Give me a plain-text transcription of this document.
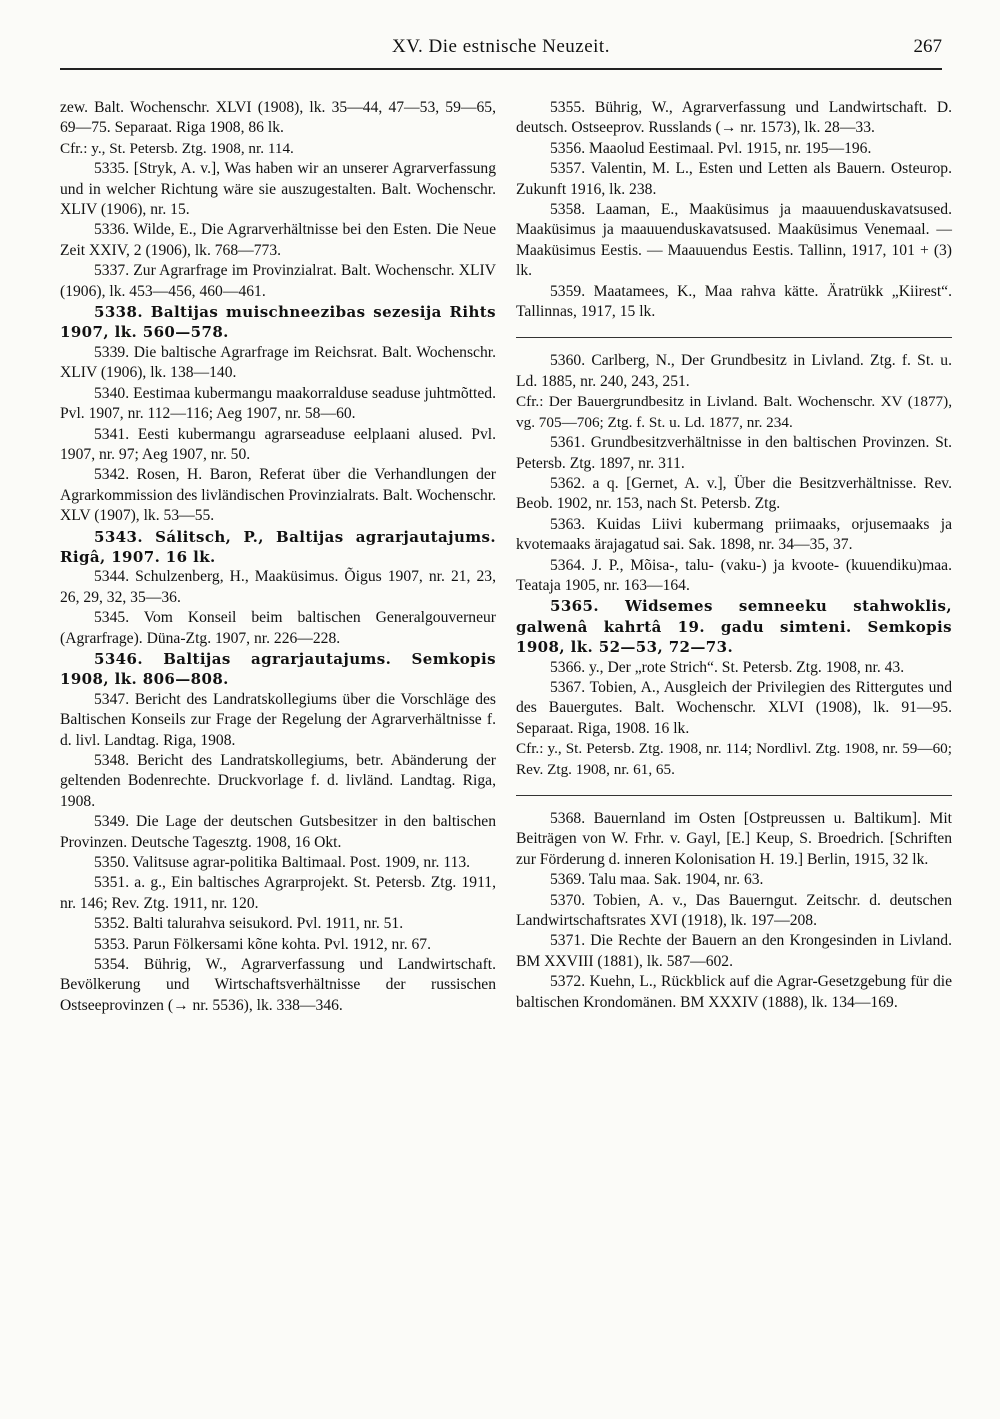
XV. Die estnische Neuzeit.	267

zew. Balt. Wochenschr. XLVI (1908), lk. 35—44, 47—53, 59—65, 69—75. Separaat. Riga 1908, 86 lk.

Cfr.: y., St. Petersb. Ztg. 1908, nr. 114.

5335. [Stryk, A. v.], Was haben wir an unserer Agrarverfassung und in welcher Richtung wäre sie auszugestalten. Balt. Wochenschr. XLIV (1906), nr. 15.

5336. Wilde, E., Die Agrarverhältnisse bei den Esten. Die Neue Zeit XXIV, 2 (1906), lk. 768—773.

5337. Zur Agrarfrage im Provinzialrat. Balt. Wochenschr. XLIV (1906), lk. 453—456, 460—461.

5338. Baltijas muischneezibas sezesija Rihts 1907, lk. 560—578.

5339. Die baltische Agrarfrage im Reichsrat. Balt. Wochenschr. XLIV (1906), lk. 138—140.

5340. Eestimaa kubermangu maakorralduse seaduse juhtmõtted. Pvl. 1907, nr. 112—116; Aeg 1907, nr. 58—60.

5341. Eesti kubermangu agrarseaduse eelplaani alused. Pvl. 1907, nr. 97; Aeg 1907, nr. 50.

5342. Rosen, H. Baron, Referat über die Verhandlungen der Agrarkommission des livländischen Provinzialrats. Balt. Wochenschr. XLV (1907), lk. 53—55.

5343. Sálitsch, P., Baltijas agrarjautajums. Rigâ, 1907. 16 lk.

5344. Schulzenberg, H., Maaküsimus. Õigus 1907, nr. 21, 23, 26, 29, 32, 35—36.

5345. Vom Konseil beim baltischen Generalgouverneur (Agrarfrage). Düna-Ztg. 1907, nr. 226—228.

5346. Baltijas agrarjautajums. Semkopis 1908, lk. 806—808.

5347. Bericht des Landratskollegiums über die Vorschläge des Baltischen Konseils zur Frage der Regelung der Agrarverhältnisse f. d. livl. Landtag. Riga, 1908.

5348. Bericht des Landratskollegiums, betr. Abänderung der geltenden Bodenrechte. Druckvorlage f. d. livländ. Landtag. Riga, 1908.

5349. Die Lage der deutschen Gutsbesitzer in den baltischen Provinzen. Deutsche Tagesztg. 1908, 16 Okt.

5350. Valitsuse agrar-politika Baltimaal. Post. 1909, nr. 113.

5351. a. g., Ein baltisches Agrarprojekt. St. Petersb. Ztg. 1911, nr. 146; Rev. Ztg. 1911, nr. 120.

5352. Balti talurahva seisukord. Pvl. 1911, nr. 51.

5353. Parun Fölkersami kõne kohta. Pvl. 1912, nr. 67.

5354. Bührig, W., Agrarverfassung und Landwirtschaft. Bevölkerung und Wirtschaftsverhältnisse der russischen Ostseeprovinzen (→ nr. 5536), lk. 338—346.

5355. Bührig, W., Agrarverfassung und Landwirtschaft. D. deutsch. Ostseeprov. Russlands (→ nr. 1573), lk. 28—33.

5356. Maaolud Eestimaal. Pvl. 1915, nr. 195—196.

5357. Valentin, M. L., Esten und Letten als Bauern. Osteurop. Zukunft 1916, lk. 238.

5358. Laaman, E., Maaküsimus ja maauuenduskavatsused. Maaküsimus ja maauuenduskavatsused. Maaküsimus Venemaal. — Maaküsimus Eestis. — Maauuendus Eestis. Tallinn, 1917, 101 + (3) lk.

5359. Maatamees, K., Maa rahva kätte. Äratrükk „Kiirest“. Tallinnas, 1917, 15 lk.

5360. Carlberg, N., Der Grundbesitz in Livland. Ztg. f. St. u. Ld. 1885, nr. 240, 243, 251.

Cfr.: Der Bauergrundbesitz in Livland. Balt. Wochenschr. XV (1877), vg. 705—706; Ztg. f. St. u. Ld. 1877, nr. 234.

5361. Grundbesitzverhältnisse in den baltischen Provinzen. St. Petersb. Ztg. 1897, nr. 311.

5362. a q. [Gernet, A. v.], Über die Besitzverhältnisse. Rev. Beob. 1902, nr. 153, nach St. Petersb. Ztg.

5363. Kuidas Liivi kubermang priimaaks, orjusemaaks ja kvotemaaks ärajagatud sai. Sak. 1898, nr. 34—35, 37.

5364. J. P., Mõisa-, talu- (vaku-) ja kvoote- (kuuendiku)maa. Teataja 1905, nr. 163—164.

5365. Widsemes semneeku stahwoklis, galwenâ kahrtâ 19. gadu simteni. Semkopis 1908, lk. 52—53, 72—73.

5366. y., Der „rote Strich“. St. Petersb. Ztg. 1908, nr. 43.

5367. Tobien, A., Ausgleich der Privilegien des Rittergutes und des Bauergutes. Balt. Wochenschr. XLVI (1908), lk. 91—95. Separaat. Riga, 1908. 16 lk.

Cfr.: y., St. Petersb. Ztg. 1908, nr. 114; Nordlivl. Ztg. 1908, nr. 59—60; Rev. Ztg. 1908, nr. 61, 65.

5368. Bauernland im Osten [Ostpreussen u. Baltikum]. Mit Beiträgen von W. Frhr. v. Gayl, [E.] Keup, S. Broedrich. [Schriften zur Förderung d. inneren Kolonisation H. 19.] Berlin, 1915, 32 lk.

5369. Talu maa. Sak. 1904, nr. 63.

5370. Tobien, A. v., Das Bauerngut. Zeitschr. d. deutschen Landwirtschaftsrates XVI (1918), lk. 197—208.

5371. Die Rechte der Bauern an den Krongesinden in Livland. BM XXVIII (1881), lk. 587—602.

5372. Kuehn, L., Rückblick auf die Agrar-Gesetzgebung für die baltischen Krondomänen. BM XXXIV (1888), lk. 134—169.
